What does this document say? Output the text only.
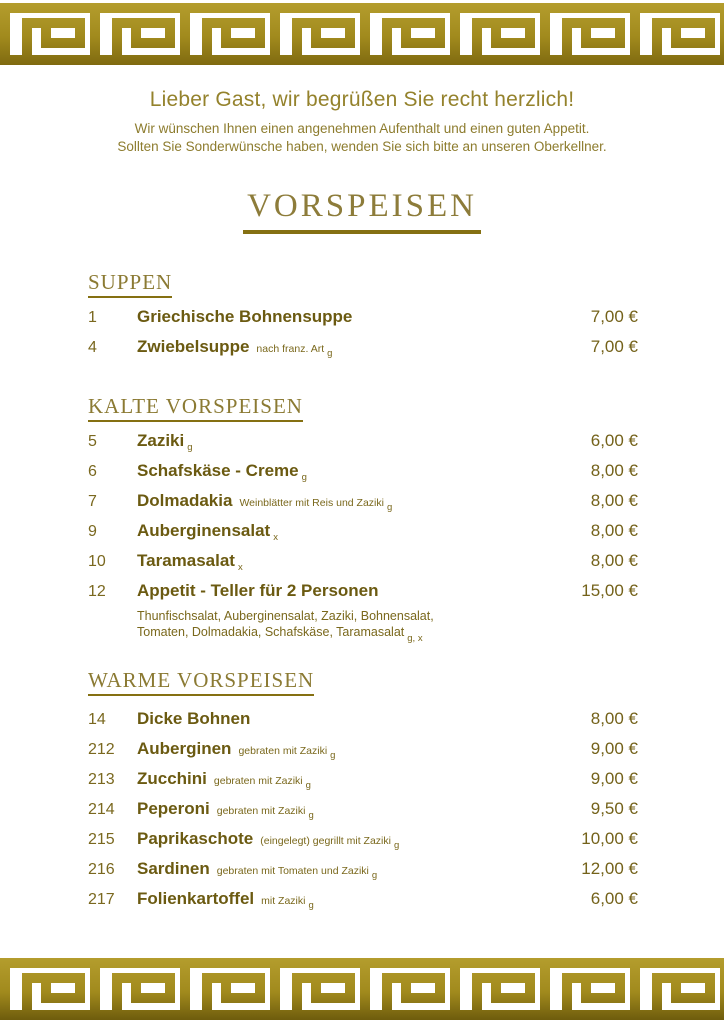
Lieber Gast, wir begrüßen Sie recht herzlich!
Wir wünschen Ihnen einen angenehmen Aufenthalt und einen guten Appetit.
Sollten Sie Sonderwünsche haben, wenden Sie sich bitte an unseren Oberkellner.
VORSPEISEN
SUPPEN
1	Griechische Bohnensuppe	7,00 €
4	Zwiebelsuppe nach franz. Art $_g$	7,00 €
KALTE VORSPEISEN
5	Zaziki $_g$	6,00 €
6	Schafskäse - Creme $_g$	8,00 €
7	Dolmadakia Weinblätter mit Reis und Zaziki $_g$	8,00 €
9	Auberginensalat $_x$	8,00 €
10	Taramasalat $_x$	8,00 €
12	Appetit - Teller für 2 Personen	15,00 €
Thunfischsalat, Auberginensalat, Zaziki, Bohnensalat, Tomaten, Dolmadakia, Schafskäse, Taramasalat $_{g, x}$
WARME VORSPEISEN
14	Dicke Bohnen	8,00 €
212	Auberginen gebraten mit Zaziki $_g$	9,00 €
213	Zucchini gebraten mit Zaziki $_g$	9,00 €
214	Peperoni gebraten mit Zaziki $_g$	9,50 €
215	Paprikaschote (eingelegt) gegrillt mit Zaziki $_g$	10,00 €
216	Sardinen gebraten mit Tomaten und Zaziki $_g$	12,00 €
217	Folienkartoffel mit Zaziki $_g$	6,00 €
